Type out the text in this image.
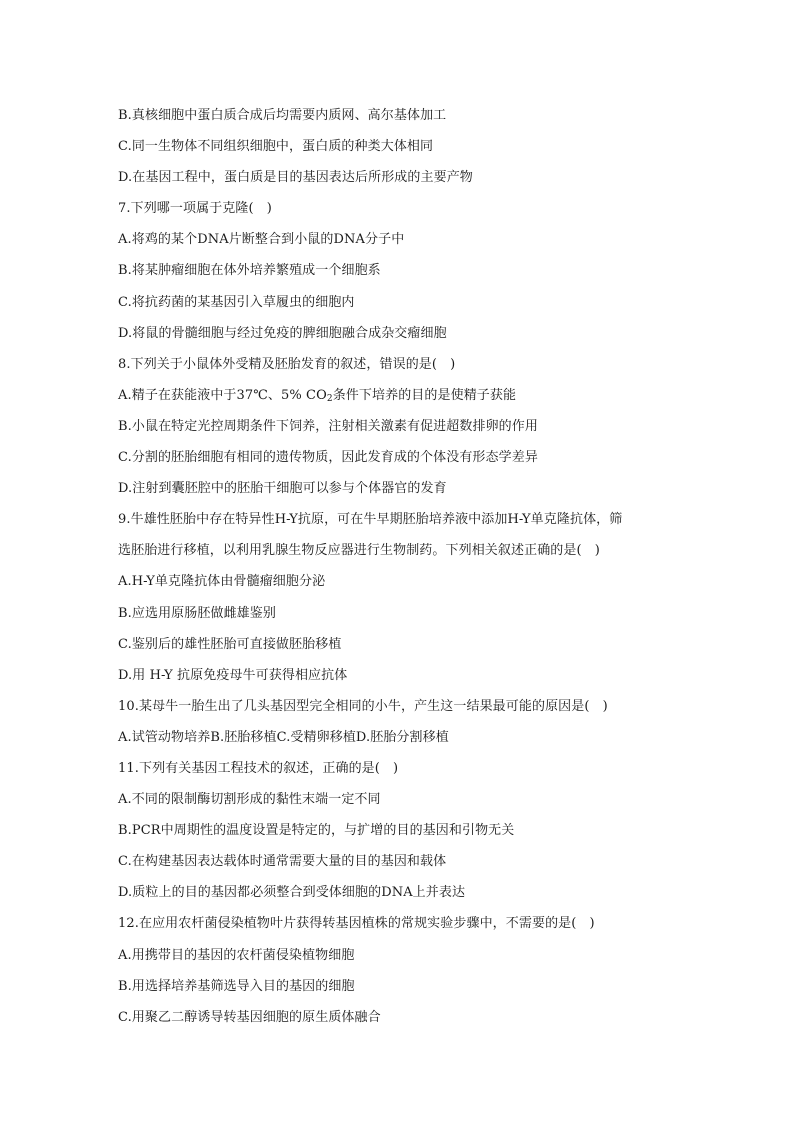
B.真核细胞中蛋白质合成后均需要内质网、高尔基体加工
C.同一生物体不同组织细胞中，蛋白质的种类大体相同
D.在基因工程中，蛋白质是目的基因表达后所形成的主要产物
7.下列哪一项属于克隆(　)
A.将鸡的某个DNA片断整合到小鼠的DNA分子中
B.将某肿瘤细胞在体外培养繁殖成一个细胞系
C.将抗药菌的某基因引入草履虫的细胞内
D.将鼠的骨髓细胞与经过免疫的脾细胞融合成杂交瘤细胞
8.下列关于小鼠体外受精及胚胎发育的叙述，错误的是(　)
A.精子在获能液中于37℃、5% $CO_2$条件下培养的目的是使精子获能
B.小鼠在特定光控周期条件下饲养，注射相关激素有促进超数排卵的作用
C.分割的胚胎细胞有相同的遗传物质，因此发育成的个体没有形态学差异
D.注射到囊胚腔中的胚胎干细胞可以参与个体器官的发育
9.牛雄性胚胎中存在特异性H-Y抗原，可在牛早期胚胎培养液中添加H-Y单克隆抗体，筛
选胚胎进行移植，以利用乳腺生物反应器进行生物制药。下列相关叙述正确的是(　)
A.H-Y单克隆抗体由骨髓瘤细胞分泌
B.应选用原肠胚做雌雄鉴别
C.鉴别后的雄性胚胎可直接做胚胎移植
D.用 H-Y 抗原免疫母牛可获得相应抗体
10.某母牛一胎生出了几头基因型完全相同的小牛，产生这一结果最可能的原因是(　)
A.试管动物培养B.胚胎移植C.受精卵移植D.胚胎分割移植
11.下列有关基因工程技术的叙述，正确的是(　)
A.不同的限制酶切割形成的黏性末端一定不同
B.PCR中周期性的温度设置是特定的，与扩增的目的基因和引物无关
C.在构建基因表达载体时通常需要大量的目的基因和载体
D.质粒上的目的基因都必须整合到受体细胞的DNA上并表达
12.在应用农杆菌侵染植物叶片获得转基因植株的常规实验步骤中，不需要的是(　)
A.用携带目的基因的农杆菌侵染植物细胞
B.用选择培养基筛选导入目的基因的细胞
C.用聚乙二醇诱导转基因细胞的原生质体融合
